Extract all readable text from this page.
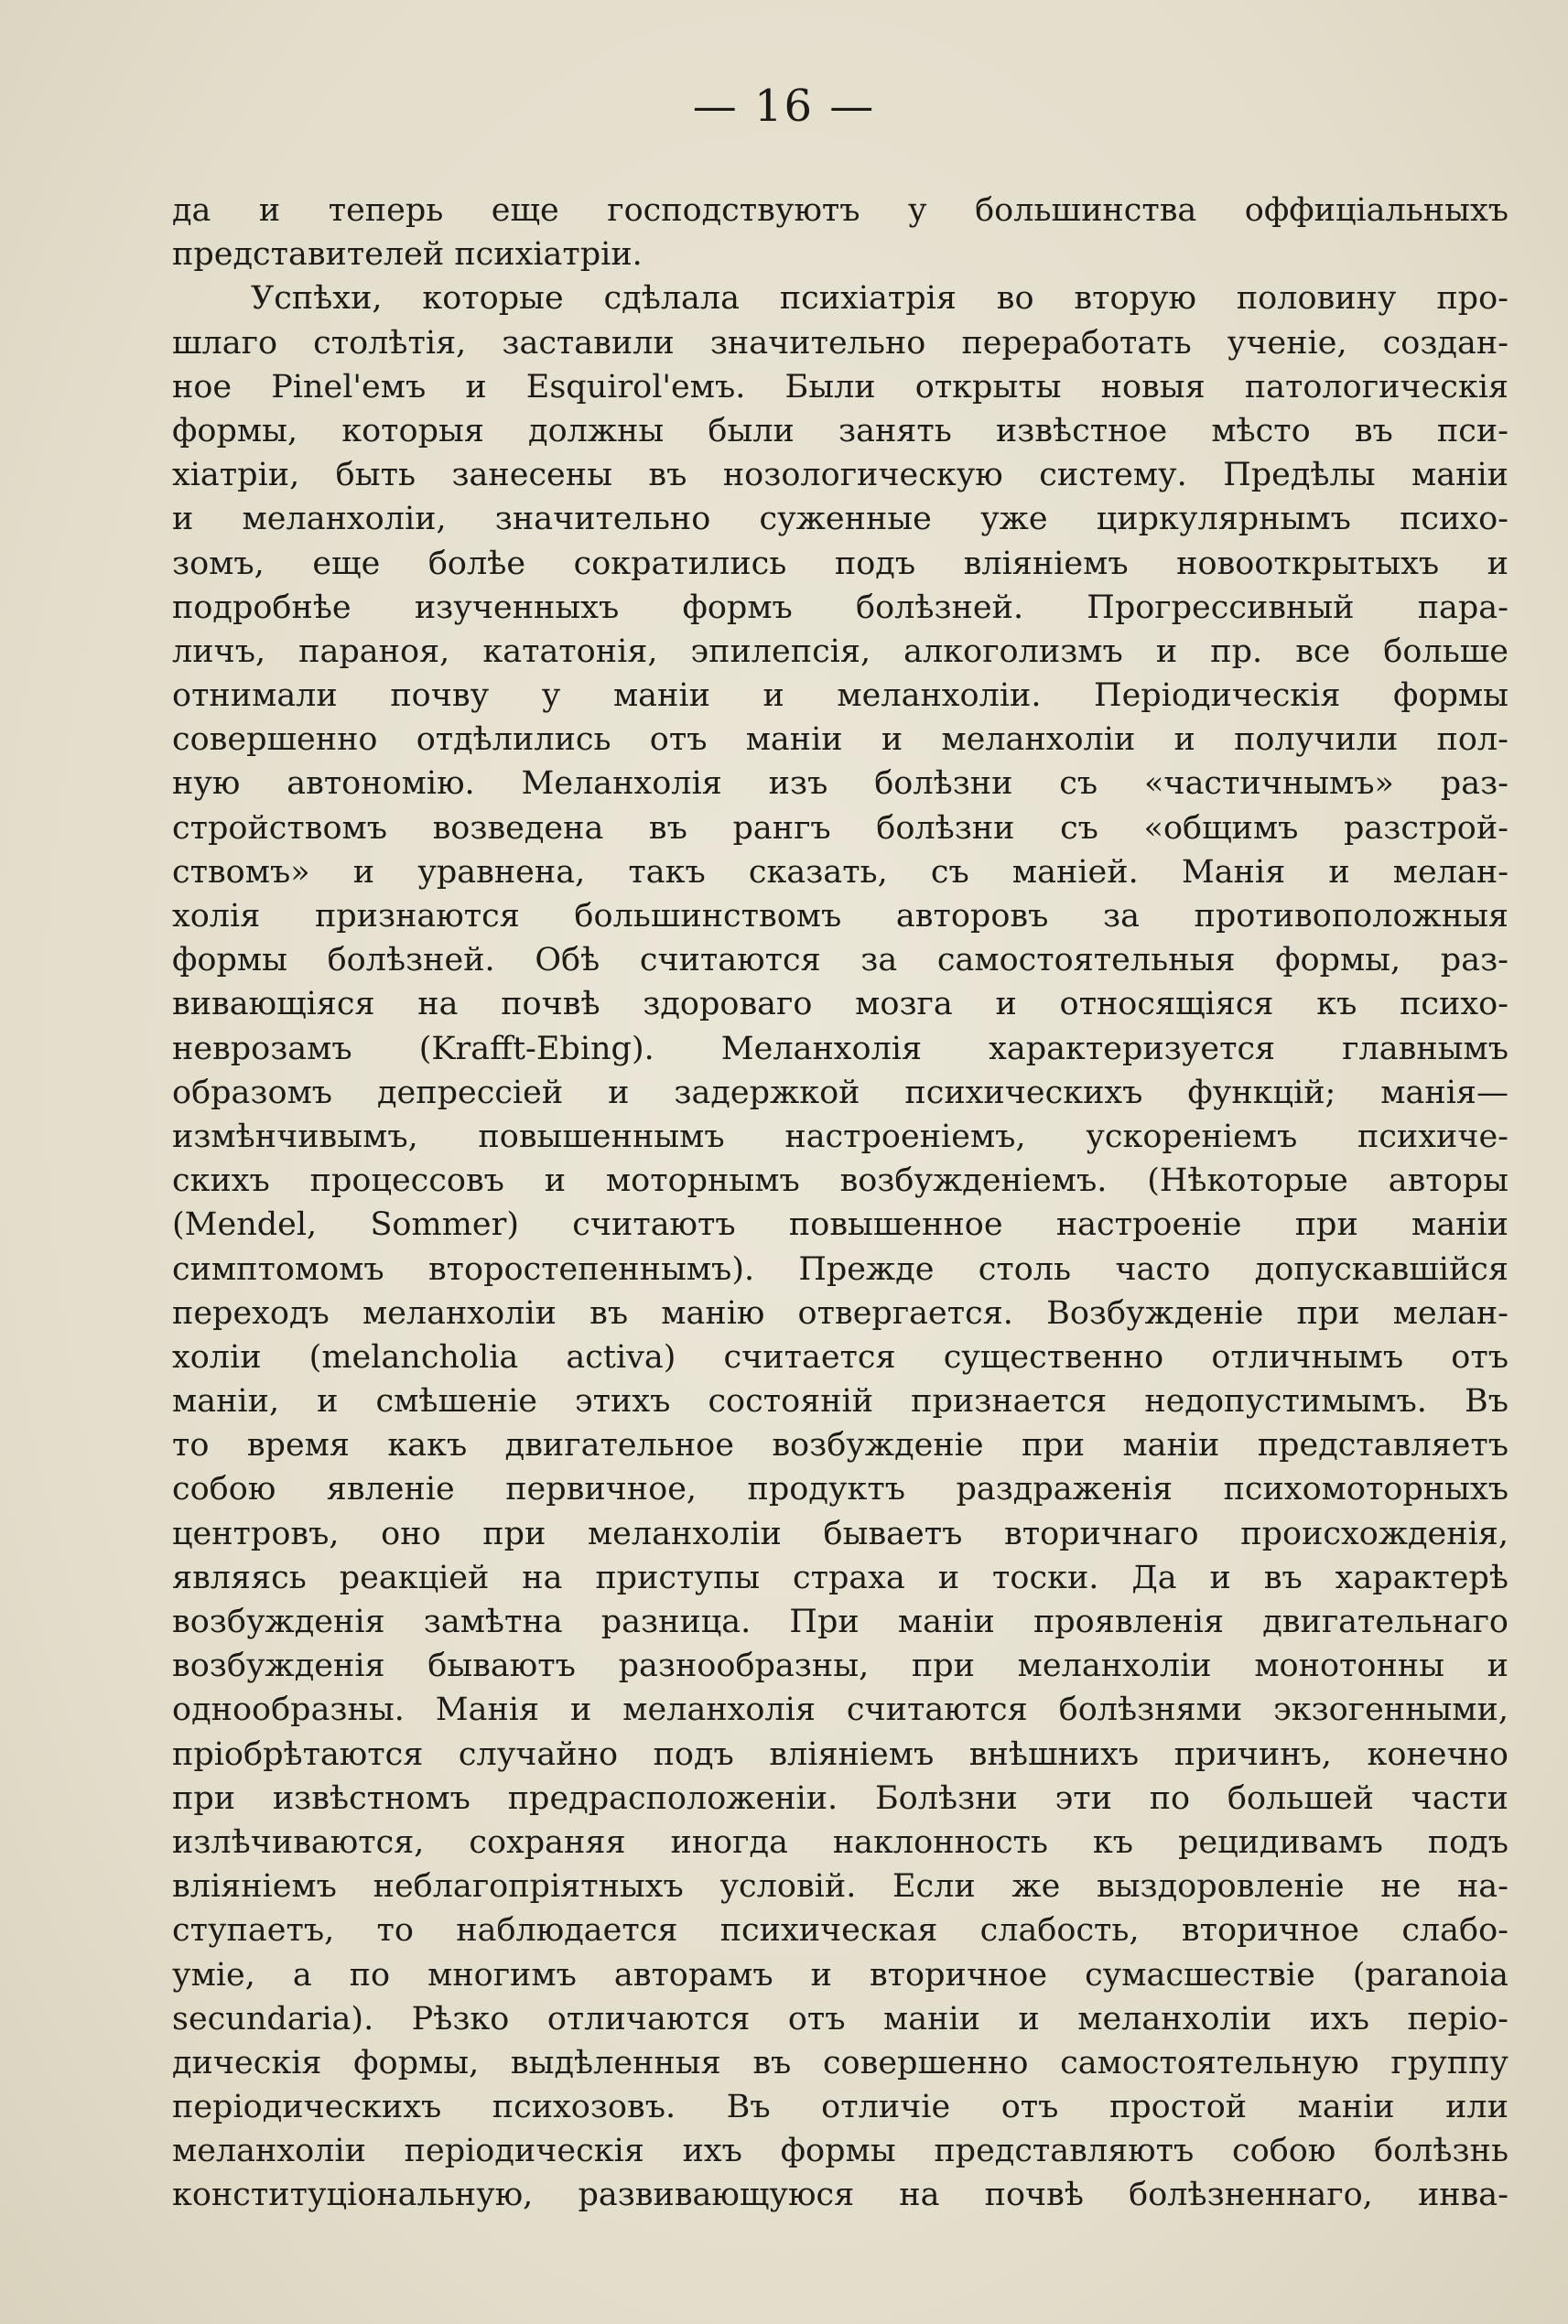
— 16 —
да и теперь еще господствуютъ у большинства оффиціальныхъ
представителей психіатріи.
Успѣхи, которые сдѣлала психіатрія во вторую половину про-
шлаго столѣтія, заставили значительно переработать ученіе, создан-
ное Pinel'емъ и Esquirol'емъ. Были открыты новыя патологическія
формы, которыя должны были занять извѣстное мѣсто въ пси-
хіатріи, быть занесены въ нозологическую систему. Предѣлы маніи
и меланхоліи, значительно суженные уже циркулярнымъ психо-
зомъ, еще болѣе сократились подъ вліяніемъ новооткрытыхъ и
подробнѣе изученныхъ формъ болѣзней. Прогрессивный пара-
личъ, параноя, кататонія, эпилепсія, алкоголизмъ и пр. все больше
отнимали почву у маніи и меланхоліи. Періодическія формы
совершенно отдѣлились отъ маніи и меланхоліи и получили пол-
ную автономію. Меланхолія изъ болѣзни съ «частичнымъ» раз-
стройствомъ возведена въ рангъ болѣзни съ «общимъ разстрой-
ствомъ» и уравнена, такъ сказать, съ маніей. Манія и мелан-
холія признаются большинствомъ авторовъ за противоположныя
формы болѣзней. Обѣ считаются за самостоятельныя формы, раз-
вивающіяся на почвѣ здороваго мозга и относящіяся къ психо-
неврозамъ (Krafft-Ebing). Меланхолія характеризуется главнымъ
образомъ депрессіей и задержкой психическихъ функцій; манія—
измѣнчивымъ, повышеннымъ настроеніемъ, ускореніемъ психиче-
скихъ процессовъ и моторнымъ возбужденіемъ. (Нѣкоторые авторы
(Mendel, Sommer) считаютъ повышенное настроеніе при маніи
симптомомъ второстепеннымъ). Прежде столь часто допускавшійся
переходъ меланхоліи въ манію отвергается. Возбужденіе при мелан-
холіи (melancholia activa) считается существенно отличнымъ отъ
маніи, и смѣшеніе этихъ состояній признается недопустимымъ. Въ
то время какъ двигательное возбужденіе при маніи представляетъ
собою явленіе первичное, продуктъ раздраженія психомоторныхъ
центровъ, оно при меланхоліи бываетъ вторичнаго происхожденія,
являясь реакціей на приступы страха и тоски. Да и въ характерѣ
возбужденія замѣтна разница. При маніи проявленія двигательнаго
возбужденія бываютъ разнообразны, при меланхоліи монотонны и
однообразны. Манія и меланхолія считаются болѣзнями экзогенными,
пріобрѣтаются случайно подъ вліяніемъ внѣшнихъ причинъ, конечно
при извѣстномъ предрасположеніи. Болѣзни эти по большей части
излѣчиваются, сохраняя иногда наклонность къ рецидивамъ подъ
вліяніемъ неблагопріятныхъ условій. Если же выздоровленіе не на-
ступаетъ, то наблюдается психическая слабость, вторичное слабо-
уміе, а по многимъ авторамъ и вторичное сумасшествіе (paranoia
secundaria). Рѣзко отличаются отъ маніи и меланхоліи ихъ періо-
дическія формы, выдѣленныя въ совершенно самостоятельную группу
періодическихъ психозовъ. Въ отличіе отъ простой маніи или
меланхоліи періодическія ихъ формы представляютъ собою болѣзнь
конституціональную, развивающуюся на почвѣ болѣзненнаго, инва-
